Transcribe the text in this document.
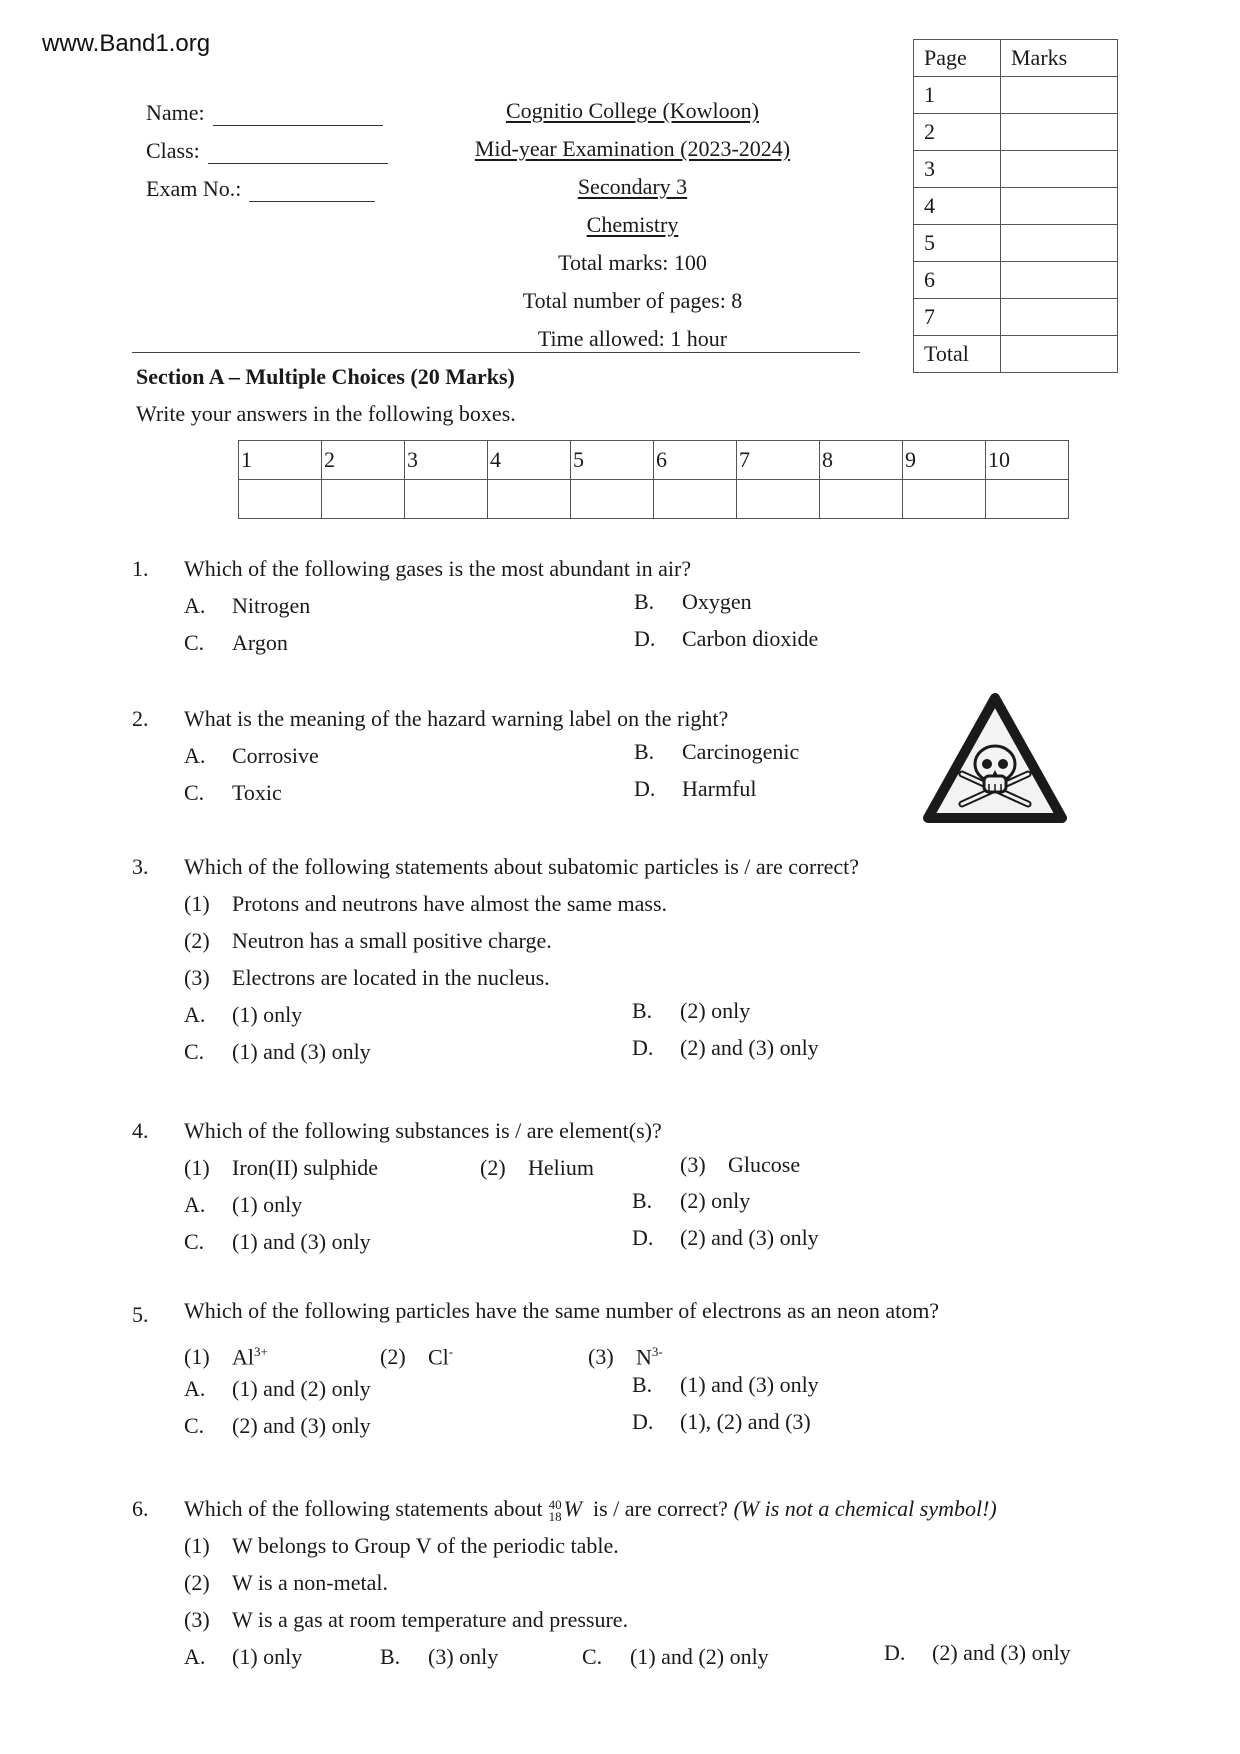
www.Band1.org
Name:
Class:
Exam No.:
Cognitio College (Kowloon)
Mid-year Examination (2023-2024)
Secondary 3
Chemistry
Total marks: 100
Total number of pages: 8
Time allowed: 1 hour
Page	Marks
1	
2	
3	
4	
5	
6	
7	
Total	
Section A – Multiple Choices (20 Marks)
Write your answers in the following boxes.
1	2	3	4	5	6	7	8	9	10

1. Which of the following gases is the most abundant in air?
A. Nitrogen	B. Oxygen
C. Argon	D. Carbon dioxide
2. What is the meaning of the hazard warning label on the right?
A. Corrosive	B. Carcinogenic
C. Toxic	D. Harmful
3. Which of the following statements about subatomic particles is / are correct?
(1) Protons and neutrons have almost the same mass.
(2) Neutron has a small positive charge.
(3) Electrons are located in the nucleus.
A. (1) only	B. (2) only
C. (1) and (3) only	D. (2) and (3) only
4. Which of the following substances is / are element(s)?
(1) Iron(II) sulphide	(2) Helium	(3) Glucose
A. (1) only	B. (2) only
C. (1) and (3) only	D. (2) and (3) only
5. Which of the following particles have the same number of electrons as an neon atom?
(1) $Al^{3+}$	(2) Cl-	(3) $N^{3-}$
A. (1) and (2) only	B. (1) and (3) only
C. (2) and (3) only	D. (1), (2) and (3)
6. Which of the following statements about 40
18 W is / are correct? (W is not a chemical symbol!)
(1) W belongs to Group V of the periodic table.
(2) W is a non-metal.
(3) W is a gas at room temperature and pressure.
A. (1) only	B. (3) only	C. (1) and (2) only	D. (2) and (3) only
